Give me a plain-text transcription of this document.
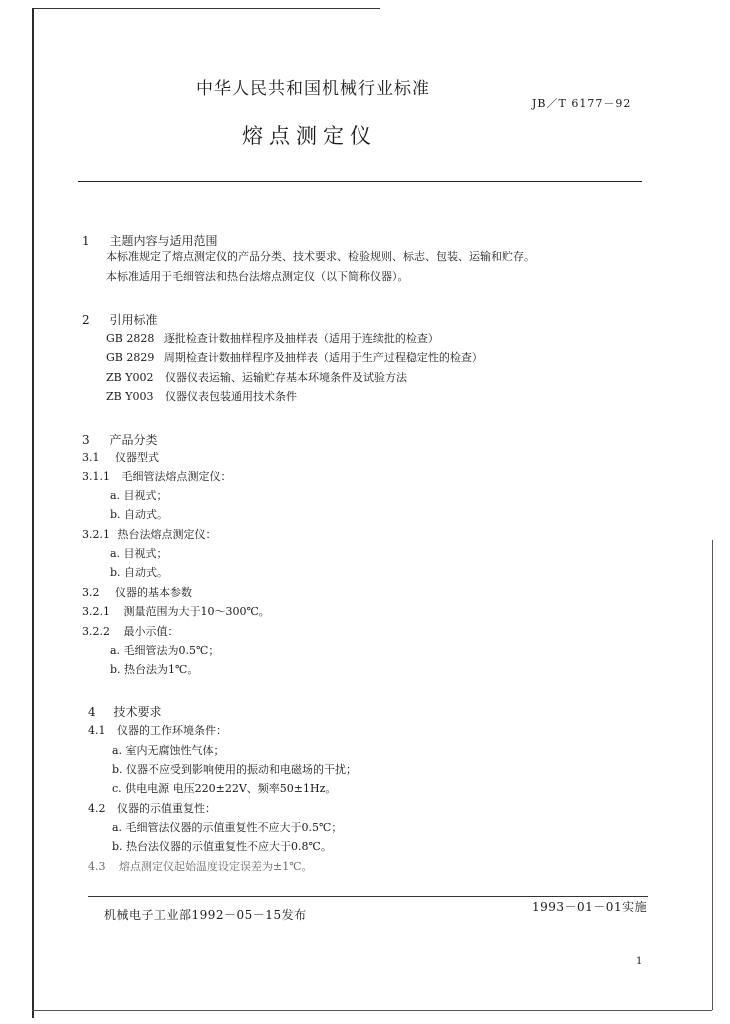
中华人民共和国机械行业标准
JB／T 6177－92
熔点测定仪
1 主题内容与适用范围
本标准规定了熔点测定仪的产品分类、技术要求、检验规则、标志、包装、运输和贮存。
本标准适用于毛细管法和热台法熔点测定仪（以下简称仪器）。
2 引用标准
GB 2828 逐批检查计数抽样程序及抽样表（适用于连续批的检查）
GB 2829 周期检查计数抽样程序及抽样表（适用于生产过程稳定性的检查）
ZB Y002 仪器仪表运输、运输贮存基本环境条件及试验方法
ZB Y003 仪器仪表包装通用技术条件
3 产品分类
3.1 仪器型式
3.1.1 毛细管法熔点测定仪：
a. 目视式；
b. 自动式。
3.2.1 热台法熔点测定仪：
a. 目视式；
b. 自动式。
3.2 仪器的基本参数
3.2.1 测量范围为大于10～300℃。
3.2.2 最小示值：
a. 毛细管法为0.5℃；
b. 热台法为1℃。
4 技术要求
4.1 仪器的工作环境条件：
a. 室内无腐蚀性气体；
b. 仪器不应受到影响使用的振动和电磁场的干扰；
c. 供电电源 电压220±22V、频率50±1Hz。
4.2 仪器的示值重复性：
a. 毛细管法仪器的示值重复性不应大于0.5℃；
b. 热台法仪器的示值重复性不应大于0.8℃。
4.3 熔点测定仪起始温度设定误差为±1℃。
机械电子工业部1992－05－15发布
1993－01－01实施
1
